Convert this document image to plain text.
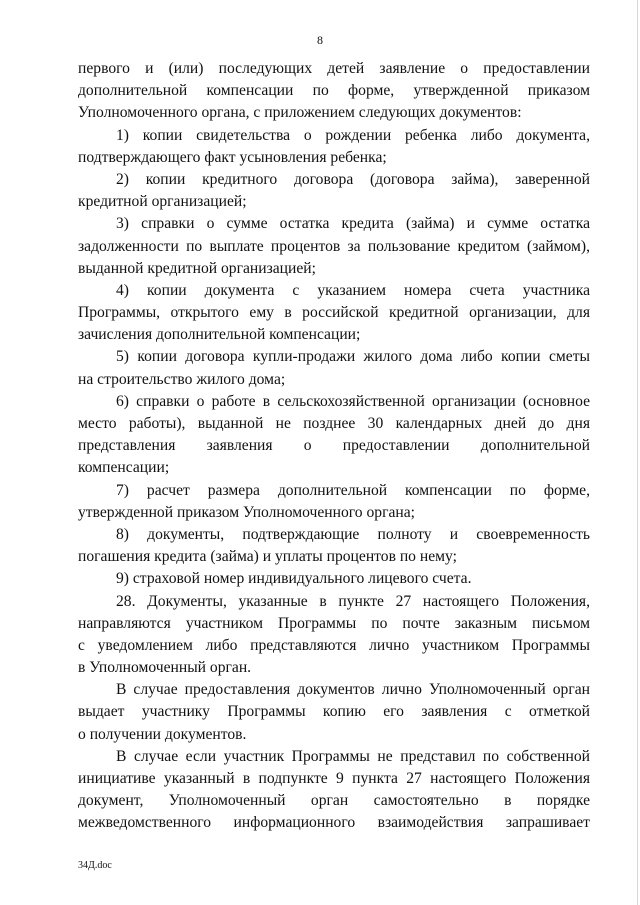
8
первого и (или) последующих детей заявление о предоставлении
дополнительной компенсации по форме, утвержденной приказом
Уполномоченного органа, с приложением следующих документов:
1) копии свидетельства о рождении ребенка либо документа,
подтверждающего факт усыновления ребенка;
2) копии кредитного договора (договора займа), заверенной
кредитной организацией;
3) справки о сумме остатка кредита (займа) и сумме остатка
задолженности по выплате процентов за пользование кредитом (займом),
выданной кредитной организацией;
4) копии документа с указанием номера счета участника
Программы, открытого ему в российской кредитной организации, для
зачисления дополнительной компенсации;
5) копии договора купли-продажи жилого дома либо копии сметы
на строительство жилого дома;
6) справки о работе в сельскохозяйственной организации (основное
место работы), выданной не позднее 30 календарных дней до дня
представления заявления о предоставлении дополнительной
компенсации;
7) расчет размера дополнительной компенсации по форме,
утвержденной приказом Уполномоченного органа;
8) документы, подтверждающие полноту и своевременность
погашения кредита (займа) и уплаты процентов по нему;
9) страховой номер индивидуального лицевого счета.
28. Документы, указанные в пункте 27 настоящего Положения,
направляются участником Программы по почте заказным письмом
с уведомлением либо представляются лично участником Программы
в Уполномоченный орган.
В случае предоставления документов лично Уполномоченный орган
выдает участнику Программы копию его заявления с отметкой
о получении документов.
В случае если участник Программы не представил по собственной
инициативе указанный в подпункте 9 пункта 27 настоящего Положения
документ, Уполномоченный орган самостоятельно в порядке
межведомственного информационного взаимодействия запрашивает
34Д.doc
